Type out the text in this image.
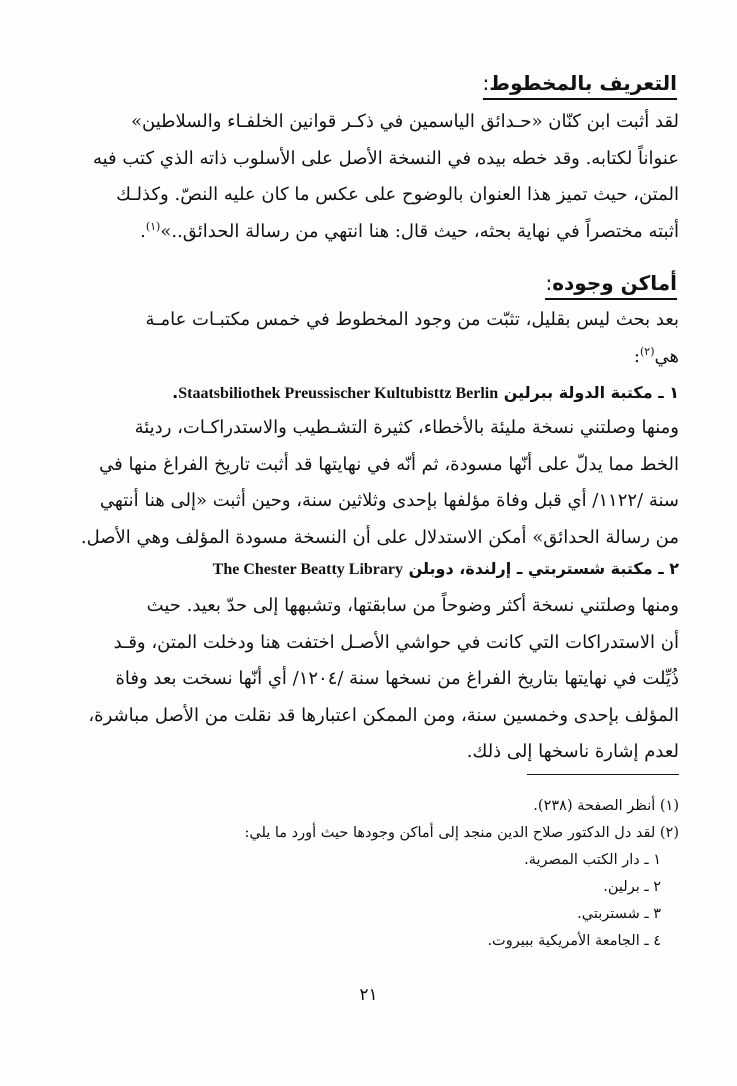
التعريف بالمخطوط:
لقد أثبت ابن كنّان «حـدائق الياسمين في ذكـر قوانين الخلفـاء والسلاطين»
عنواناً لكتابه. وقد خطه بيده في النسخة الأصل على الأسلوب ذاته الذي كتب فيه
المتن، حيث تميز هذا العنوان بالوضوح على عكس ما كان عليه النصّ. وكذلـك
أثبته مختصراً في نهاية بحثه، حيث قال: هنا انتهي من رسالة الحدائق..»$^{(١)}$.
أماكن وجوده:
بعد بحث ليس بقليل، تثبّت من وجود المخطوط في خمس مكتبـات عامـة
هي$^{(٢)}$:
١ ـ مكتبة الدولة ببرلين Staatsbiliothek Preussischer Kultubisttz Berlin.
ومنها وصلتني نسخة مليئة بالأخطاء، كثيرة التشـطيب والاستدراكـات، رديئة
الخط مما يدلّ على أنّها مسودة، ثم أنّه في نهايتها قد أثبت تاريخ الفراغ منها في
سنة /١١٢٢/ أي قبل وفاة مؤلفها بإحدى وثلاثين سنة، وحين أثبت «إلى هنا أنتهي
من رسالة الحدائق» أمكن الاستدلال على أن النسخة مسودة المؤلف وهي الأصل.
٢ ـ مكتبة شستربتي ـ إرلندة، دوبلن The Chester Beatty Library
ومنها وصلتني نسخة أكثر وضوحاً من سابقتها، وتشبهها إلى حدّ بعيد. حيث
أن الاستدراكات التي كانت في حواشي الأصـل اختفت هنا ودخلت المتن، وقـد
ذُيِّلت في نهايتها بتاريخ الفراغ من نسخها سنة /١٢٠٤/ أي أنّها نسخت بعد وفاة
المؤلف بإحدى وخمسين سنة، ومن الممكن اعتبارها قد نقلت من الأصل مباشرة،
لعدم إشارة ناسخها إلى ذلك.
(١) أنظر الصفحة (٢٣٨).
(٢) لقد دل الدكتور صلاح الدين منجد إلى أماكن وجودها حيث أورد ما يلي:
١ ـ دار الكتب المصرية.
٢ ـ برلين.
٣ ـ شستربتي.
٤ ـ الجامعة الأمريكية ببيروت.
٢١
